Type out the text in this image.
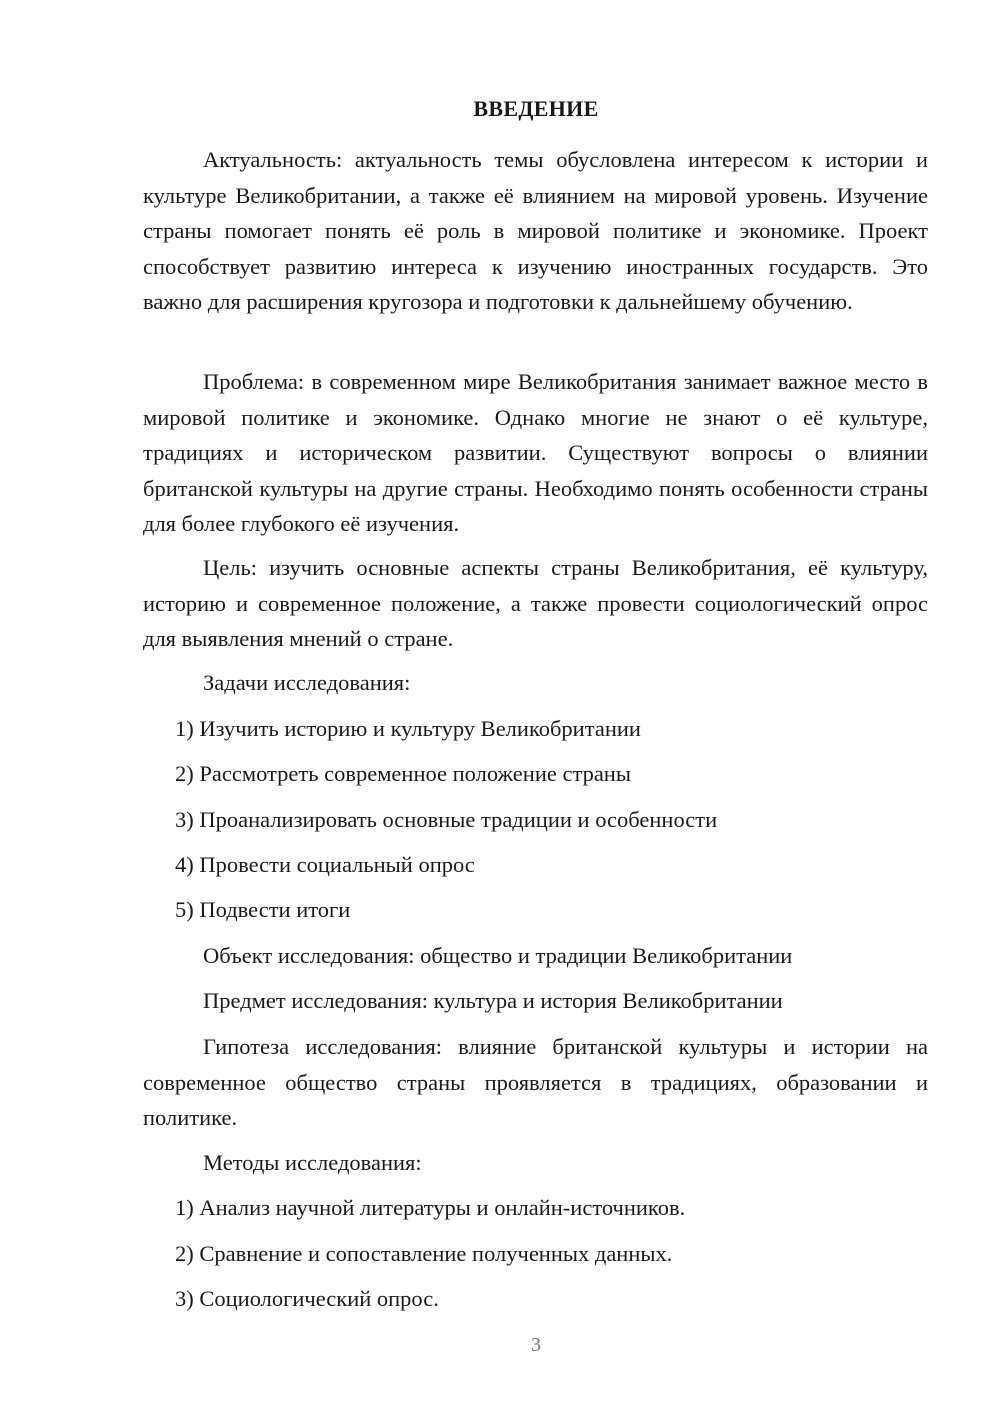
ВВЕДЕНИЕ
Актуальность: актуальность темы обусловлена интересом к истории и культуре Великобритании, а также её влиянием на мировой уровень. Изучение страны помогает понять её роль в мировой политике и экономике. Проект способствует развитию интереса к изучению иностранных государств. Это важно для расширения кругозора и подготовки к дальнейшему обучению.
Проблема: в современном мире Великобритания занимает важное место в мировой политике и экономике. Однако многие не знают о её культуре, традициях и историческом развитии. Существуют вопросы о влиянии британской культуры на другие страны. Необходимо понять особенности страны для более глубокого её изучения.
Цель: изучить основные аспекты страны Великобритания, её культуру, историю и современное положение, а также провести социологический опрос для выявления мнений о стране.
Задачи исследования:
1) Изучить историю и культуру Великобритании
2) Рассмотреть современное положение страны
3) Проанализировать основные традиции и особенности
4) Провести социальный опрос
5) Подвести итоги
Объект исследования: общество и традиции Великобритании
Предмет исследования: культура и история Великобритании
Гипотеза исследования: влияние британской культуры и истории на современное общество страны проявляется в традициях, образовании и политике.
Методы исследования:
1) Анализ научной литературы и онлайн-источников.
2) Сравнение и сопоставление полученных данных.
3) Социологический опрос.
3
